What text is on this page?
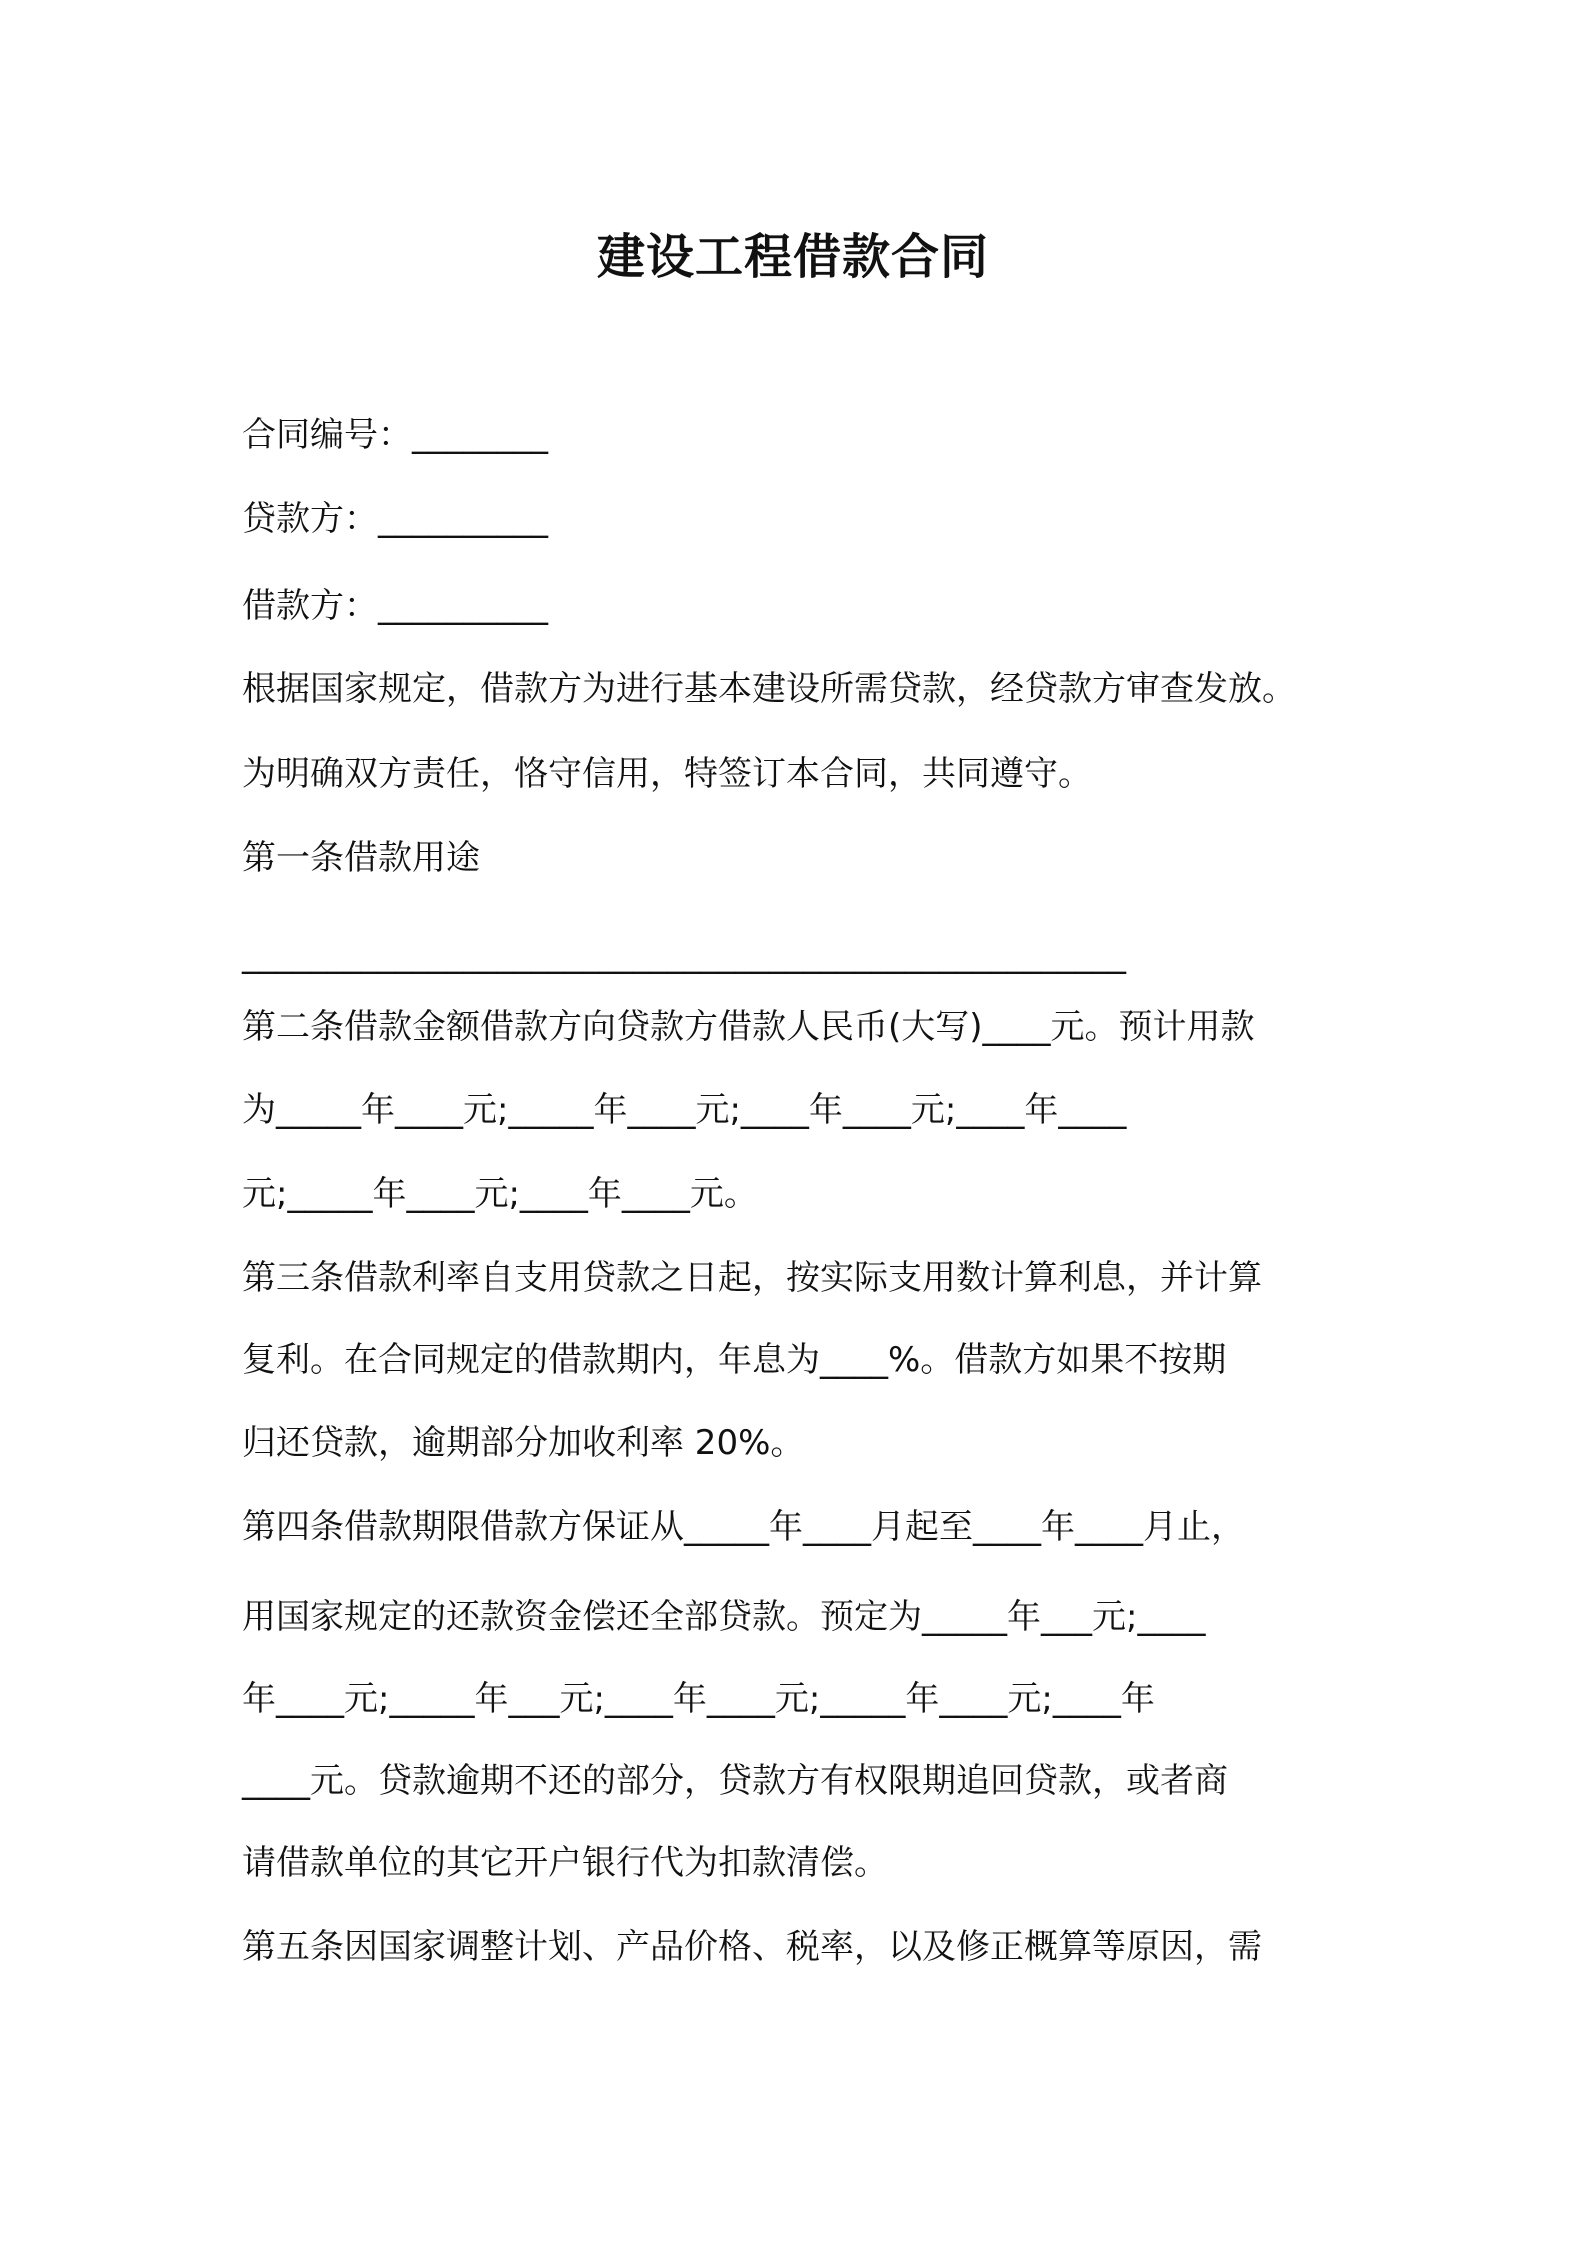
建设工程借款合同
合同编号：________
贷款方：__________
借款方：__________
根据国家规定，借款方为进行基本建设所需贷款，经贷款方审查发放。
为明确双方责任，恪守信用，特签订本合同，共同遵守。
第一条借款用途
____________________________________________________
第二条借款金额借款方向贷款方借款人民币(大写)____元。预计用款
为_____年____元;_____年____元;____年____元;____年____
元;_____年____元;____年____元。
第三条借款利率自支用贷款之日起，按实际支用数计算利息，并计算
复利。在合同规定的借款期内，年息为____%。借款方如果不按期
归还贷款，逾期部分加收利率 20%。
第四条借款期限借款方保证从_____年____月起至____年____月止，
用国家规定的还款资金偿还全部贷款。预定为_____年___元;____
年____元;_____年___元;____年____元;_____年____元;____年
____元。贷款逾期不还的部分，贷款方有权限期追回贷款，或者商
请借款单位的其它开户银行代为扣款清偿。
第五条因国家调整计划、产品价格、税率，以及修正概算等原因，需
